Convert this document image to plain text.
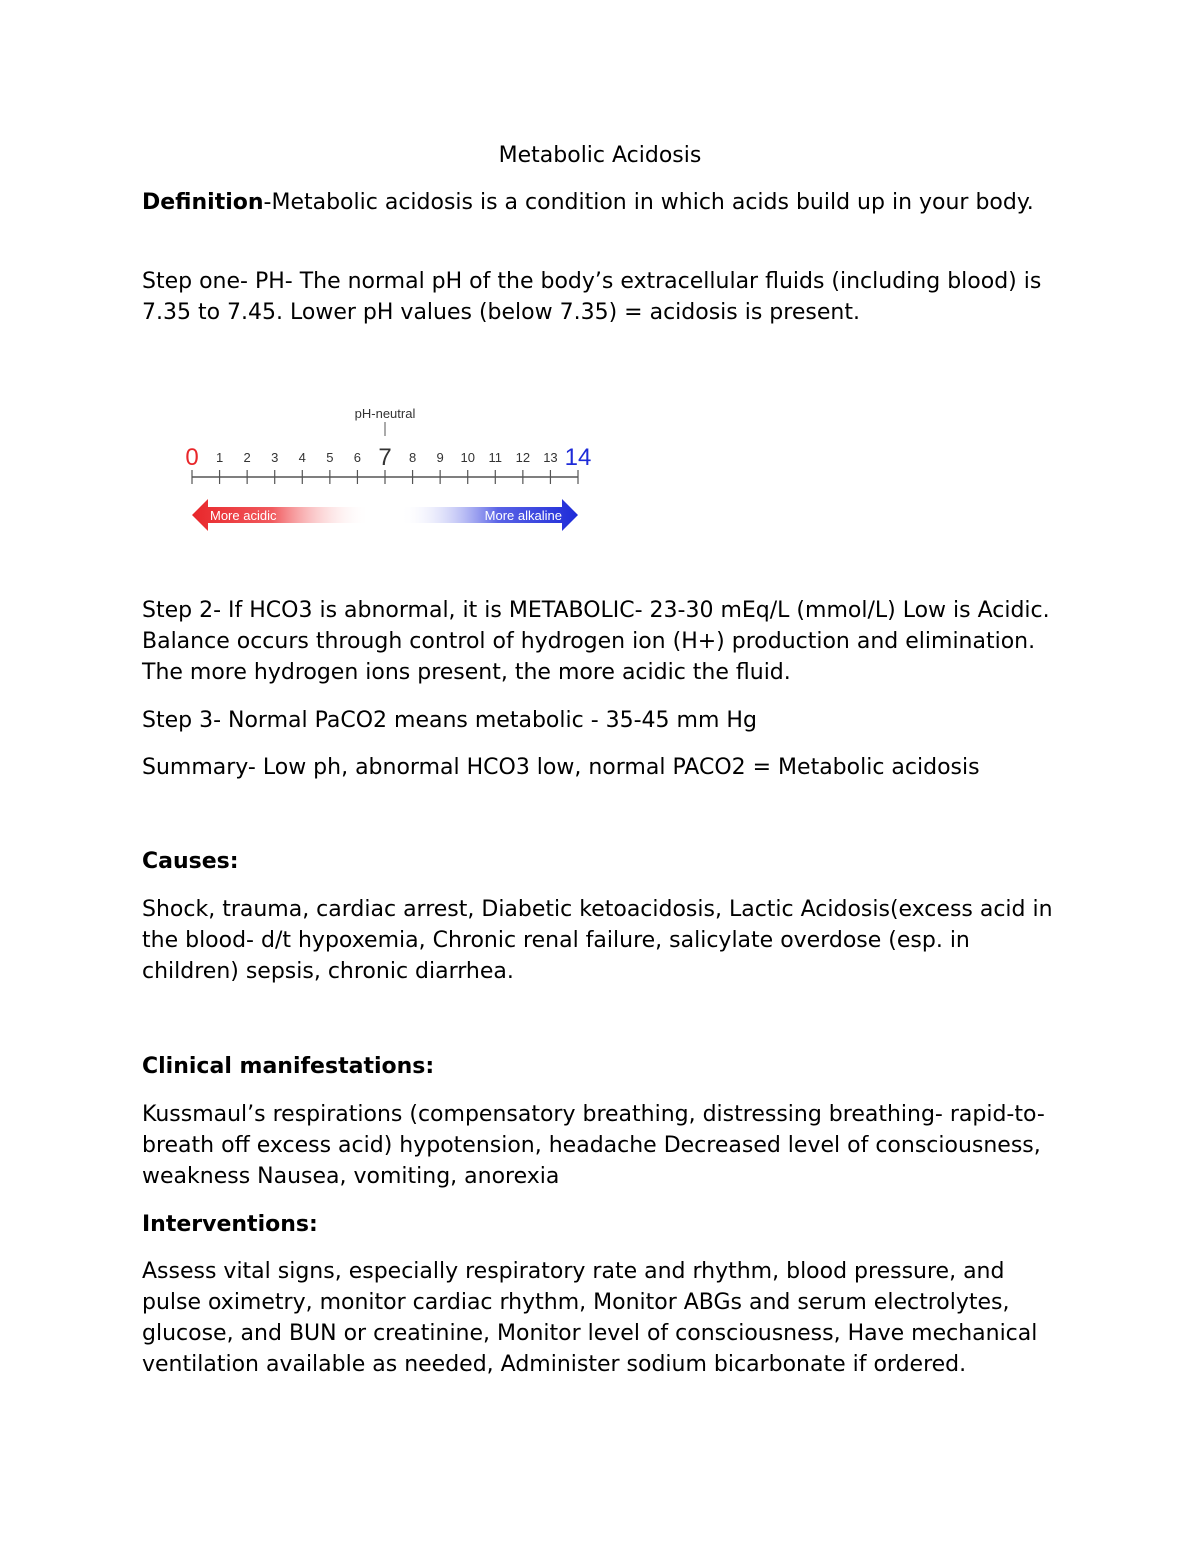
Metabolic Acidosis

Definition-Metabolic acidosis is a condition in which acids build up in your body.

Step one- PH- The normal pH of the body’s extracellular fluids (including blood) is 7.35 to 7.45. Lower pH values (below 7.35) = acidosis is present.

pH-neutral
0 1 2 3 4 5 6 7 8 9 10 11 12 13 14
More acidic	More alkaline

Step 2- If HCO3 is abnormal, it is METABOLIC- 23-30 mEq/L (mmol/L) Low is Acidic. Balance occurs through control of hydrogen ion (H+) production and elimination. The more hydrogen ions present, the more acidic the fluid.

Step 3- Normal PaCO2 means metabolic - 35-45 mm Hg

Summary- Low ph, abnormal HCO3 low, normal PACO2 = Metabolic acidosis

Causes:

Shock, trauma, cardiac arrest, Diabetic ketoacidosis, Lactic Acidosis(excess acid in the blood- d/t hypoxemia, Chronic renal failure, salicylate overdose (esp. in children) sepsis, chronic diarrhea.

Clinical manifestations:

Kussmaul’s respirations (compensatory breathing, distressing breathing- rapid-to-breath off excess acid) hypotension, headache Decreased level of consciousness, weakness Nausea, vomiting, anorexia

Interventions:

Assess vital signs, especially respiratory rate and rhythm, blood pressure, and pulse oximetry, monitor cardiac rhythm, Monitor ABGs and serum electrolytes, glucose, and BUN or creatinine, Monitor level of consciousness, Have mechanical ventilation available as needed, Administer sodium bicarbonate if ordered.
